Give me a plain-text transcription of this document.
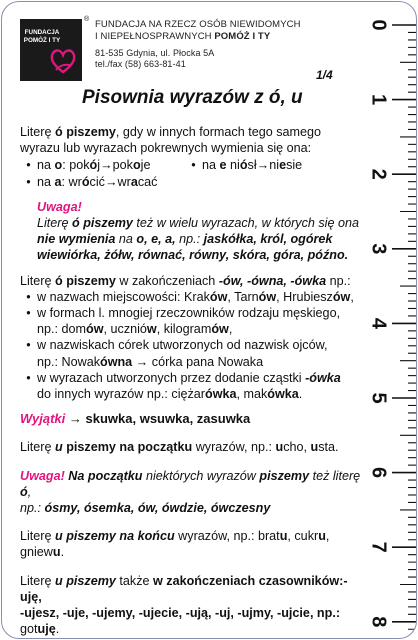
FUNDACJA
POMÓŻ I TY
® FUNDACJA NA RZECZ OSÓB NIEWIDOMYCH
I NIEPEŁNOSPRAWNYCH POMÓŻ I TY
81-535 Gdynia, ul. Płocka 5A
tel./fax (58) 663-81-41
1/4
Pisownia wyrazów z ó, u

Literę ó piszemy, gdy w innych formach tego samego
wyrazu lub wyrazach pokrewnych wymienia się ona:

• na o: pokój→pokoje	• na e niósł→niesie
• na a: wrócić→wracać

Uwaga!
Literę ó piszemy też w wielu wyrazach, w których się ona
nie wymienia na o, e, a, np.: jaskółka, król, ogórek
wiewiórka, żółw, równać, równy, skóra, góra, późno.

Literę ó piszemy w zakończeniach -ów, -ówna, -ówka np.:

• w nazwach miejscowości: Kraków, Tarnów, Hrubieszów,
• w formach l. mnogiej rzeczowników rodzaju męskiego,
np.: domów, uczniów, kilogramów,
• w nazwiskach córek utworzonych od nazwisk ojców,
np.: Nowakówna → córka pana Nowaka
• w wyrazach utworzonych przez dodanie cząstki -ówka
do innych wyrazów np.: ciężarówka, makówka.

Wyjątki → skuwka, wsuwka, zasuwka

Literę u piszemy na początku wyrazów, np.: ucho, usta.

Uwaga! Na początku niektórych wyrazów piszemy też literę ó,
np.: ósmy, ósemka, ów, ówdzie, ówczesny

Literę u piszemy na końcu wyrazów, np.: bratu, cukru, gniewu.

Literę u piszemy także w zakończeniach czasowników:-uję,
-ujesz, -uje, -ujemy, -ujecie, -ują, -uj, -ujmy, -ujcie, np.: gotuję.

0
1
2
3
4
5
6
7
8
